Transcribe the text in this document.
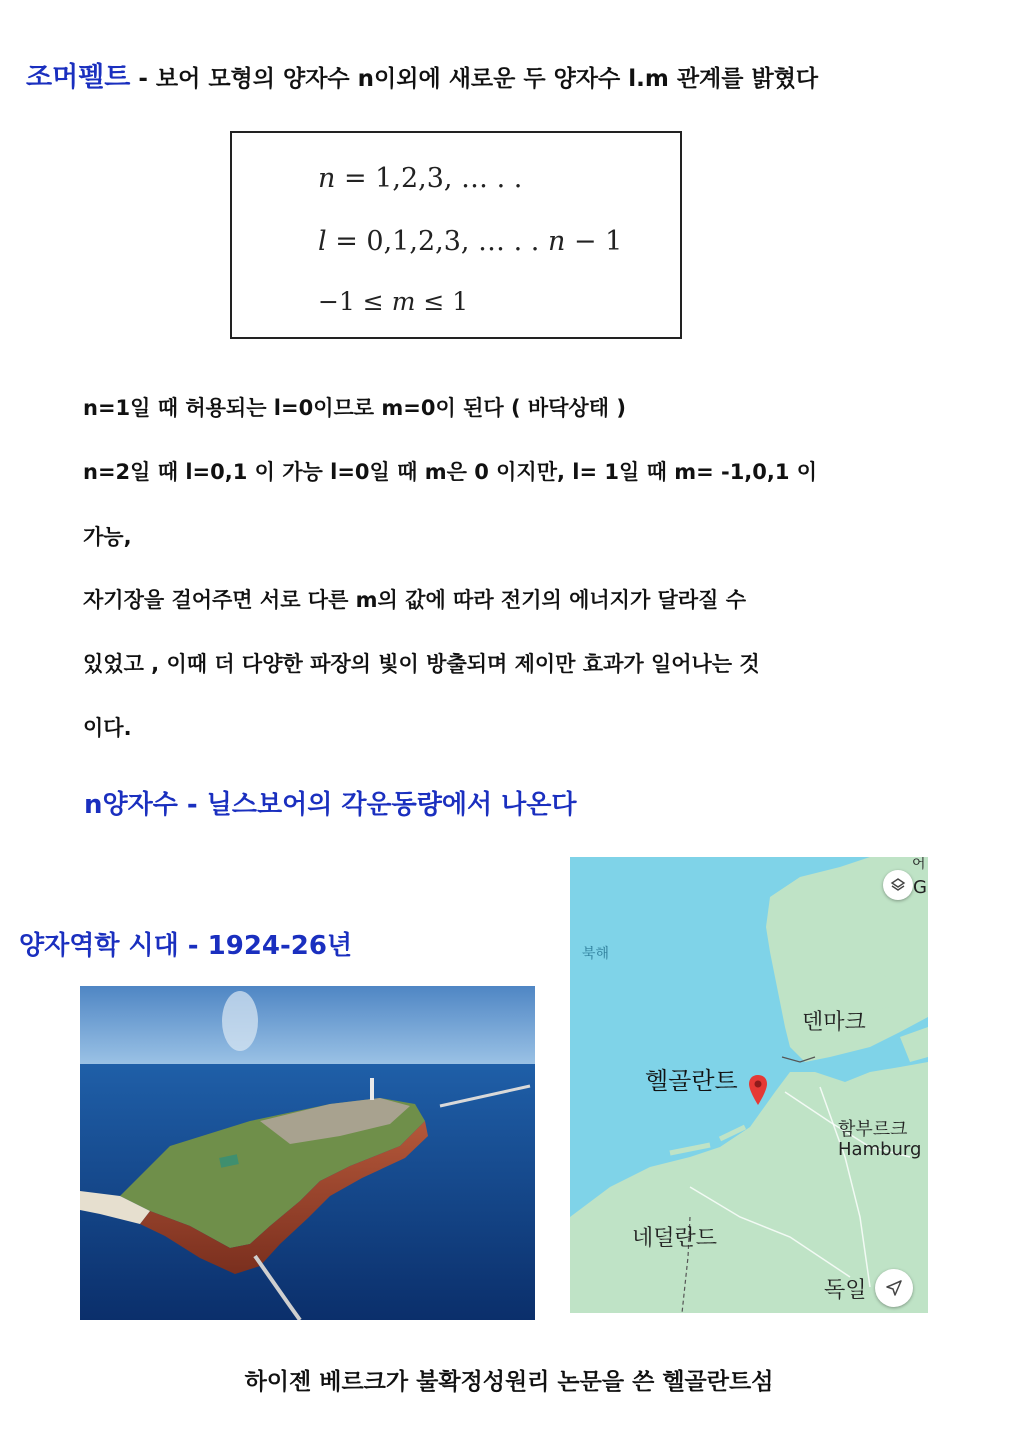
조머펠트 - 보어 모형의 양자수 n이외에 새로운 두 양자수 l.m 관계를 밝혔다
𝑛 = 1,2,3, … . .
𝑙 = 0,1,2,3, … . . 𝑛 − 1
−1 ≤ 𝑚 ≤ 1
n=1일 때 허용되는 l=0이므로 m=0이 된다 ( 바닥상태 )
n=2일 때 l=0,1 이 가능 l=0일 때 m은 0 이지만, l= 1일 때 m= -1,0,1 이
가능,
자기장을 걸어주면 서로 다른 m의 값에 따라 전기의 에너지가 달라질 수
있었고 , 이때 더 다양한 파장의 빛이 방출되며 제이만 효과가 일어나는 것
이다.
n양자수 - 닐스보어의 각운동량에서 나온다
양자역학 시대 - 1924-26년	북해
덴마크
헬골란트
함부르크
Hamburg
네덜란드
독일
어
G
하이젠 베르크가 불확정성원리 논문을 쓴 헬골란트섬
